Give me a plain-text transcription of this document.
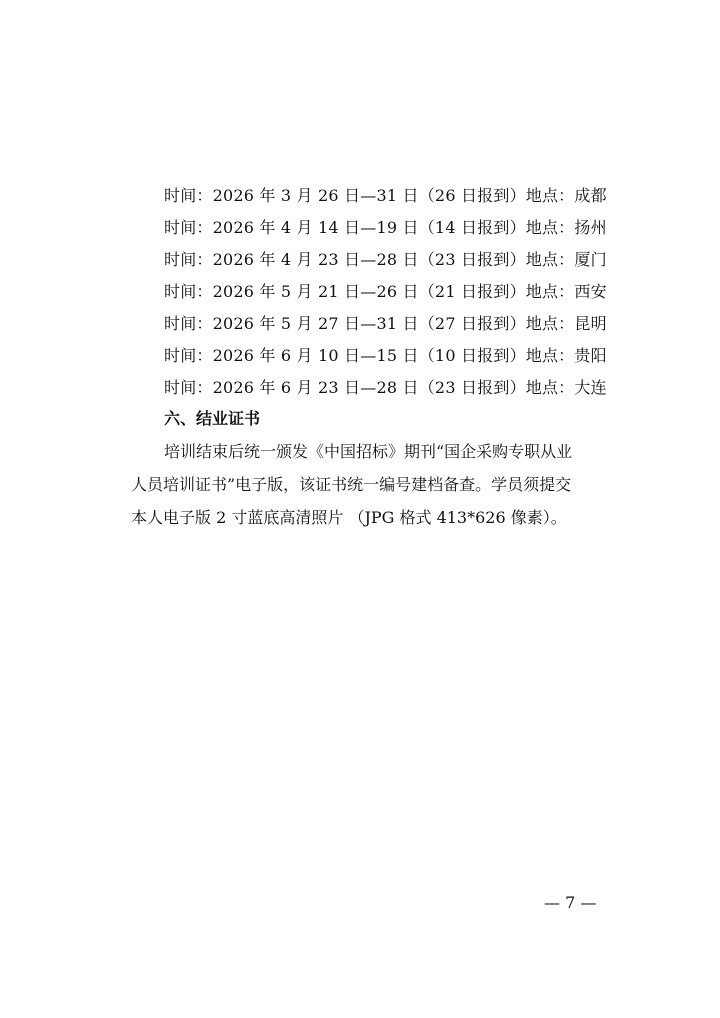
时间：2026 年 3 月 26 日—31 日（26 日报到）地点：成都
时间：2026 年 4 月 14 日—19 日（14 日报到）地点：扬州
时间：2026 年 4 月 23 日—28 日（23 日报到）地点：厦门
时间：2026 年 5 月 21 日—26 日（21 日报到）地点：西安
时间：2026 年 5 月 27 日—31 日（27 日报到）地点：昆明
时间：2026 年 6 月 10 日—15 日（10 日报到）地点：贵阳
时间：2026 年 6 月 23 日—28 日（23 日报到）地点：大连
六、结业证书
培训结束后统一颁发《中国招标》期刊“国企采购专职从业
人员培训证书”电子版，该证书统一编号建档备查。学员须提交
本人电子版 2 寸蓝底高清照片 （JPG 格式 413*626 像素）。
— 7 —
